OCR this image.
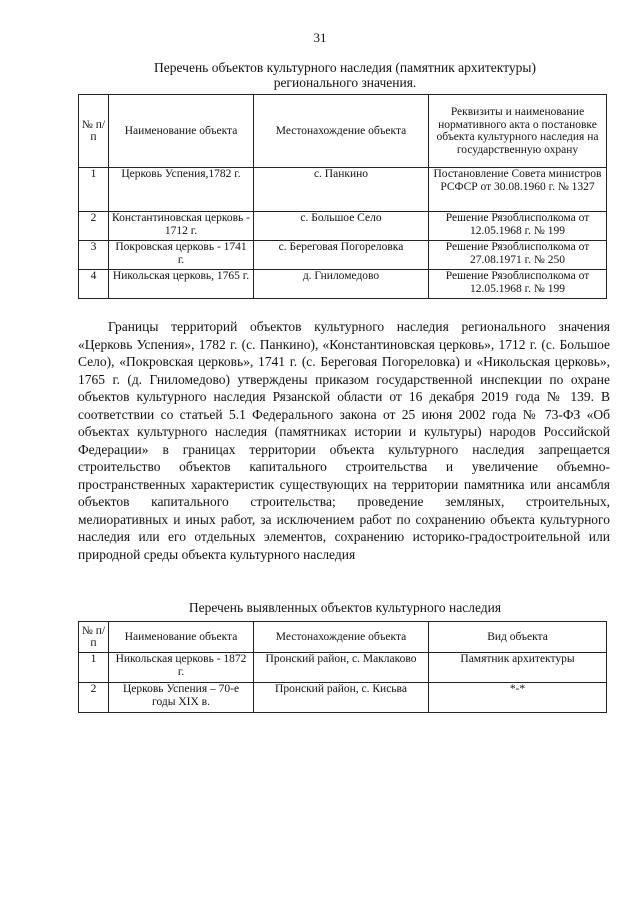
31
Перечень объектов культурного наследия (памятник архитектуры)
регионального значения.
№ п/п	Наименование объекта	Местонахождение объекта	Реквизиты и наименование нормативного акта о постановке объекта культурного наследия на государственную охрану
1	Церковь Успения,1782 г.	с. Панкино	Постановление Совета министров РСФСР от 30.08.1960 г. № 1327
2	Константиновская церковь - 1712 г.	с. Большое Село	Решение Рязоблисполкома от 12.05.1968 г. № 199
3	Покровская церковь - 1741 г.	с. Береговая Погореловка	Решение Рязоблисполкома от 27.08.1971 г. № 250
4	Никольская церковь, 1765 г.	д. Гниломедово	Решение Рязоблисполкома от 12.05.1968 г. № 199

Границы территорий объектов культурного наследия регионального значения «Церковь Успения», 1782 г. (с. Панкино), «Константиновская церковь», 1712 г. (с. Большое Село), «Покровская церковь», 1741 г. (с. Береговая Погореловка) и «Никольская церковь», 1765 г. (д. Гниломедово) утверждены приказом государственной инспекции по охране объектов культурного наследия Рязанской области от 16 декабря 2019 года № 139. В соответствии со статьей 5.1 Федерального закона от 25 июня 2002 года № 73-ФЗ «Об объектах культурного наследия (памятниках истории и культуры) народов Российской Федерации» в границах территории объекта культурного наследия запрещается строительство объектов капитального строительства и увеличение объемно-пространственных характеристик существующих на территории памятника или ансамбля объектов капитального строительства; проведение земляных, строительных, мелиоративных и иных работ, за исключением работ по сохранению объекта культурного наследия или его отдельных элементов, сохранению историко-градостроительной или природной среды объекта культурного наследия

Перечень выявленных объектов культурного наследия
№ п/п	Наименование объекта	Местонахождение объекта	Вид объекта
1	Никольская церковь - 1872 г.	Пронский район, с. Маклаково	Памятник архитектуры
2	Церковь Успения – 70-е годы XIX в.	Пронский район, с. Кисьва	*-*
